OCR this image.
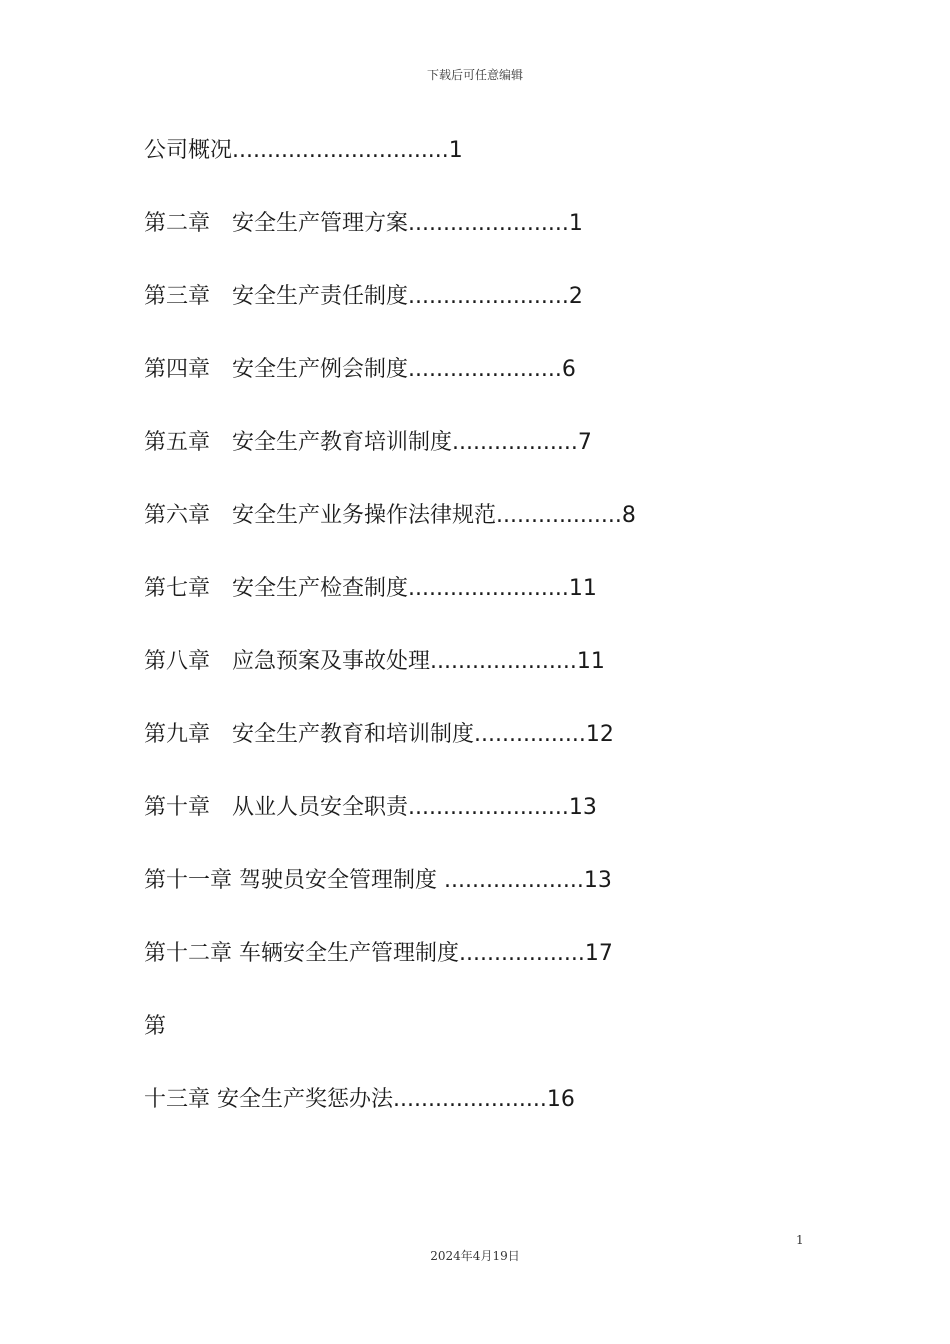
下载后可任意编辑
公司概况...............................1
第二章　安全生产管理方案.......................1
第三章　安全生产责任制度.......................2
第四章　安全生产例会制度......................6
第五章　安全生产教育培训制度..................7
第六章　安全生产业务操作法律规范..................8
第七章　安全生产检查制度.......................11
第八章　应急预案及事故处理.....................11
第九章　安全生产教育和培训制度................12
第十章　从业人员安全职责.......................13
第十一章 驾驶员安全管理制度 ....................13
第十二章 车辆安全生产管理制度..................17
第
十三章 安全生产奖惩办法......................16
1
2024年4月19日
